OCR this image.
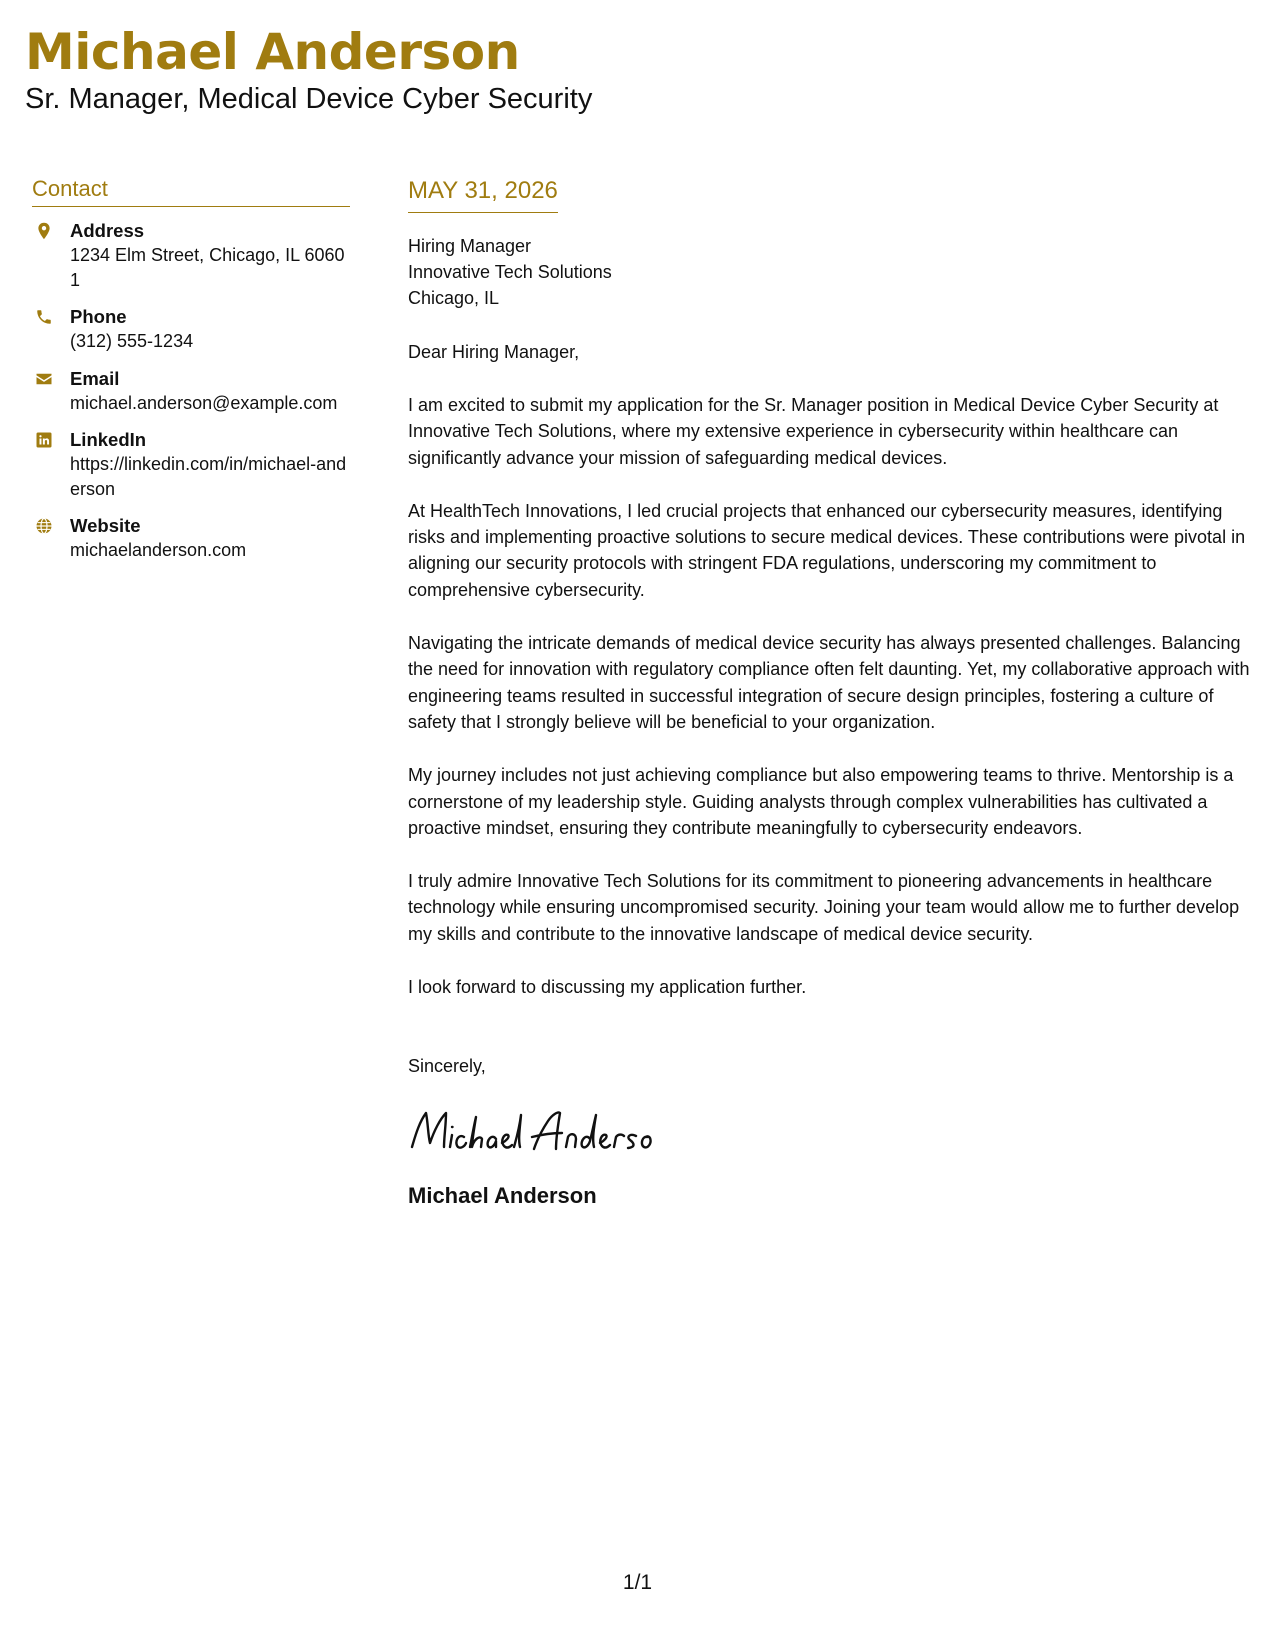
Michael Anderson
Sr. Manager, Medical Device Cyber Security
Contact
Address
1234 Elm Street, Chicago, IL 60601
Phone
(312) 555-1234
Email
michael.anderson@example.com
LinkedIn
https://linkedin.com/in/michael-anderson
Website
michaelanderson.com
MAY 31, 2026
Hiring Manager
Innovative Tech Solutions
Chicago, IL
Dear Hiring Manager,
I am excited to submit my application for the Sr. Manager position in Medical Device Cyber Security at Innovative Tech Solutions, where my extensive experience in cybersecurity within healthcare can significantly advance your mission of safeguarding medical devices.
At HealthTech Innovations, I led crucial projects that enhanced our cybersecurity measures, identifying risks and implementing proactive solutions to secure medical devices. These contributions were pivotal in aligning our security protocols with stringent FDA regulations, underscoring my commitment to comprehensive cybersecurity.
Navigating the intricate demands of medical device security has always presented challenges. Balancing the need for innovation with regulatory compliance often felt daunting. Yet, my collaborative approach with engineering teams resulted in successful integration of secure design principles, fostering a culture of safety that I strongly believe will be beneficial to your organization.
My journey includes not just achieving compliance but also empowering teams to thrive. Mentorship is a cornerstone of my leadership style. Guiding analysts through complex vulnerabilities has cultivated a proactive mindset, ensuring they contribute meaningfully to cybersecurity endeavors.
I truly admire Innovative Tech Solutions for its commitment to pioneering advancements in healthcare technology while ensuring uncompromised security. Joining your team would allow me to further develop my skills and contribute to the innovative landscape of medical device security.
I look forward to discussing my application further.
Sincerely,
Michael Anderson
1/1
